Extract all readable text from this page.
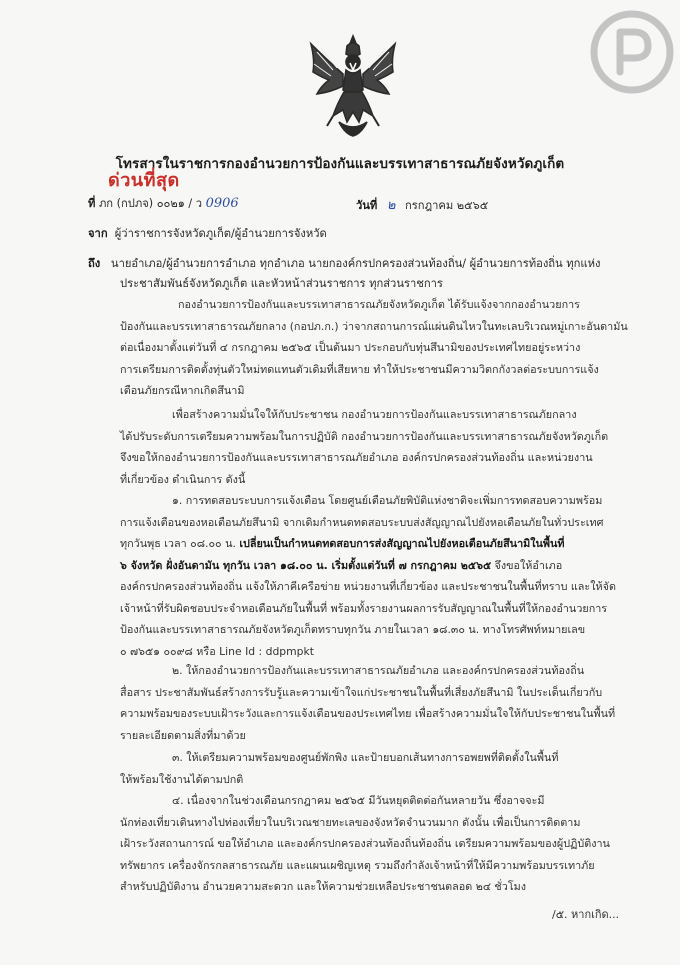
โทรสารในราชการกองอำนวยการป้องกันและบรรเทาสาธารณภัยจังหวัดภูเก็ต
ด่วนที่สุด
ที่ ภก (กปภจ) ๐๐๒๑ / ว 0906	วันที่ ๒ กรกฎาคม ๒๕๖๕
จาก ผู้ว่าราชการจังหวัดภูเก็ต/ผู้อำนวยการจังหวัด
ถึง นายอำเภอ/ผู้อำนวยการอำเภอ ทุกอำเภอ นายกองค์กรปกครองส่วนท้องถิ่น/ ผู้อำนวยการท้องถิ่น ทุกแห่ง
ประชาสัมพันธ์จังหวัดภูเก็ต และหัวหน้าส่วนราชการ ทุกส่วนราชการ
กองอำนวยการป้องกันและบรรเทาสาธารณภัยจังหวัดภูเก็ต ได้รับแจ้งจากกองอำนวยการ
ป้องกันและบรรเทาสาธารณภัยกลาง (กอปภ.ก.) ว่าจากสถานการณ์แผ่นดินไหวในทะเลบริเวณหมู่เกาะอันดามัน
ต่อเนื่องมาตั้งแต่วันที่ ๔ กรกฎาคม ๒๕๖๕ เป็นต้นมา ประกอบกับทุ่นสึนามิของประเทศไทยอยู่ระหว่าง
การเตรียมการติดตั้งทุ่นตัวใหม่ทดแทนตัวเดิมที่เสียหาย ทำให้ประชาชนมีความวิตกกังวลต่อระบบการแจ้ง
เตือนภัยกรณีหากเกิดสึนามิ
เพื่อสร้างความมั่นใจให้กับประชาชน กองอำนวยการป้องกันและบรรเทาสาธารณภัยกลาง
ได้ปรับระดับการเตรียมความพร้อมในการปฏิบัติ กองอำนวยการป้องกันและบรรเทาสาธารณภัยจังหวัดภูเก็ต
จึงขอให้กองอำนวยการป้องกันและบรรเทาสาธารณภัยอำเภอ องค์กรปกครองส่วนท้องถิ่น และหน่วยงาน
ที่เกี่ยวข้อง ดำเนินการ ดังนี้
๑. การทดสอบระบบการแจ้งเตือน โดยศูนย์เตือนภัยพิบัติแห่งชาติจะเพิ่มการทดสอบความพร้อม
การแจ้งเตือนของหอเตือนภัยสึนามิ จากเดิมกำหนดทดสอบระบบส่งสัญญาณไปยังหอเตือนภัยในทั่วประเทศ
ทุกวันพุธ เวลา ๐๘.๐๐ น. เปลี่ยนเป็นกำหนดทดสอบการส่งสัญญาณไปยังหอเตือนภัยสึนามิในพื้นที่
๖ จังหวัด ฝั่งอันดามัน ทุกวัน เวลา ๑๘.๐๐ น. เริ่มตั้งแต่วันที่ ๗ กรกฎาคม ๒๕๖๕ จึงขอให้อำเภอ
องค์กรปกครองส่วนท้องถิ่น แจ้งให้ภาคีเครือข่าย หน่วยงานที่เกี่ยวข้อง และประชาชนในพื้นที่ทราบ และให้จัด
เจ้าหน้าที่รับผิดชอบประจำหอเตือนภัยในพื้นที่ พร้อมทั้งรายงานผลการรับสัญญาณในพื้นที่ให้กองอำนวยการ
ป้องกันและบรรเทาสาธารณภัยจังหวัดภูเก็ตทราบทุกวัน ภายในเวลา ๑๘.๓๐ น. ทางโทรศัพท์หมายเลข
๐ ๗๖๕๑ ๐๐๙๘ หรือ Line Id : ddpmpkt
๒. ให้กองอำนวยการป้องกันและบรรเทาสาธารณภัยอำเภอ และองค์กรปกครองส่วนท้องถิ่น
สื่อสาร ประชาสัมพันธ์สร้างการรับรู้และความเข้าใจแก่ประชาชนในพื้นที่เสี่ยงภัยสึนามิ ในประเด็นเกี่ยวกับ
ความพร้อมของระบบเฝ้าระวังและการแจ้งเตือนของประเทศไทย เพื่อสร้างความมั่นใจให้กับประชาชนในพื้นที่
รายละเอียดตามสิ่งที่มาด้วย
๓. ให้เตรียมความพร้อมของศูนย์พักพิง และป้ายบอกเส้นทางการอพยพที่ติดตั้งในพื้นที่
ให้พร้อมใช้งานได้ตามปกติ
๔. เนื่องจากในช่วงเดือนกรกฎาคม ๒๕๖๕ มีวันหยุดติดต่อกันหลายวัน ซึ่งอาจจะมี
นักท่องเที่ยวเดินทางไปท่องเที่ยวในบริเวณชายทะเลของจังหวัดจำนวนมาก ดังนั้น เพื่อเป็นการติดตาม
เฝ้าระวังสถานการณ์ ขอให้อำเภอ และองค์กรปกครองส่วนท้องถิ่นท้องถิ่น เตรียมความพร้อมของผู้ปฏิบัติงาน
ทรัพยากร เครื่องจักรกลสาธารณภัย และแผนเผชิญเหตุ รวมถึงกำลังเจ้าหน้าที่ให้มีความพร้อมบรรเทาภัย
สำหรับปฏิบัติงาน อำนวยความสะดวก และให้ความช่วยเหลือประชาชนตลอด ๒๔ ชั่วโมง
/๕. หากเกิด...
